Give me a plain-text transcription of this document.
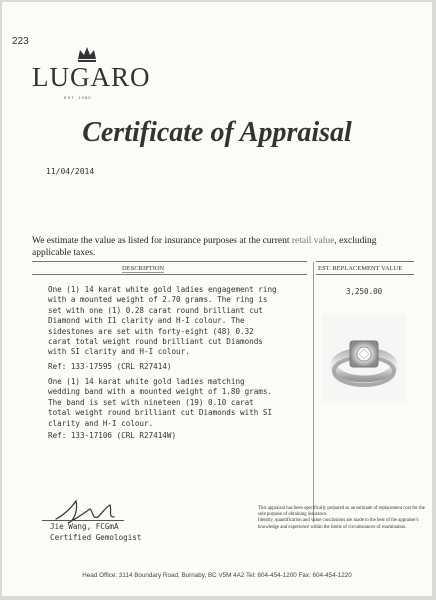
223
LUGARO
EST. 1980
Certificate of Appraisal
11/04/2014
We estimate the value as listed for insurance purposes at the current retail value, excluding applicable taxes.
DESCRIPTION	EST. REPLACEMENT VALUE
One (1) 14 karat white gold ladies engagement ring
with a mounted weight of 2.70 grams. The ring is
set with one (1) 0.28 carat round brilliant cut
Diamond with I1 clarity and H-I colour. The
sidestones are set with forty-eight (48) 0.32
carat total weight round brilliant cut Diamonds
with SI clarity and H-I colour.
Ref: 133-17595 (CRL R27414)
One (1) 14 karat white gold ladies matching
wedding band with a mounted weight of 1.80 grams.
The band is set with nineteen (19) 0.10 carat
total weight round brilliant cut Diamonds with SI
clarity and H-I colour.
Ref: 133-17106 (CRL R27414W)
3,250.00
Jie Wang, FCGmA
Certified Gemologist
This appraisal has been specifically prepared as an estimate of replacement cost for the sole purpose of obtaining insurance.
Identity, quantification and value conclusions are made to the best of the appraiser's knowledge and experience within the limits of circumstances of examination.
Head Office: 3114 Boundary Road, Burnaby, BC V5M 4A2 Tel: 604-454-1200 Fax: 604-454-1220
